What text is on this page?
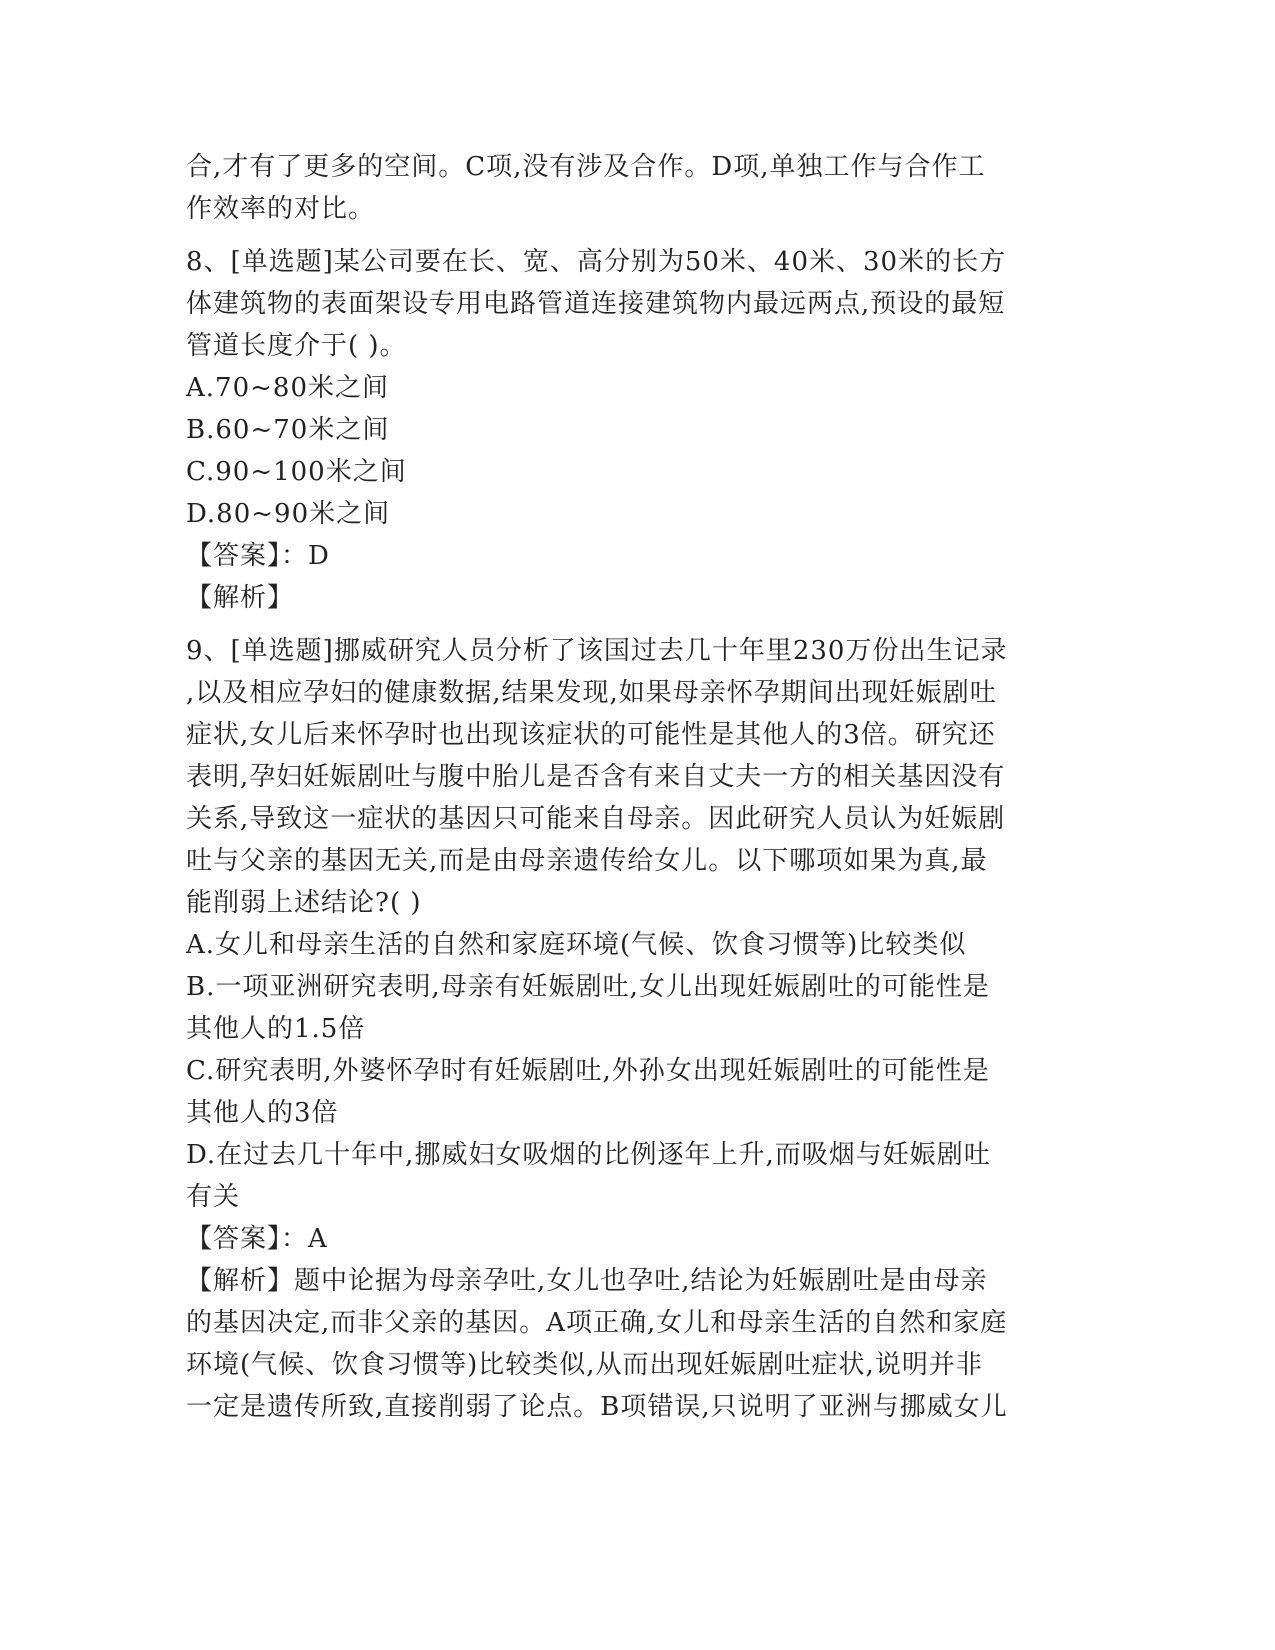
合,才有了更多的空间。C项,没有涉及合作。D项,单独工作与合作工
作效率的对比。
8、[单选题]某公司要在长、宽、高分别为50米、40米、30米的长方
体建筑物的表面架设专用电路管道连接建筑物内最远两点,预设的最短
管道长度介于( )。
A.70~80米之间
B.60~70米之间
C.90~100米之间
D.80~90米之间
【答案】：D
【解析】
9、[单选题]挪威研究人员分析了该国过去几十年里230万份出生记录
,以及相应孕妇的健康数据,结果发现,如果母亲怀孕期间出现妊娠剧吐
症状,女儿后来怀孕时也出现该症状的可能性是其他人的3倍。研究还
表明,孕妇妊娠剧吐与腹中胎儿是否含有来自丈夫一方的相关基因没有
关系,导致这一症状的基因只可能来自母亲。因此研究人员认为妊娠剧
吐与父亲的基因无关,而是由母亲遗传给女儿。以下哪项如果为真,最
能削弱上述结论?( )
A.女儿和母亲生活的自然和家庭环境(气候、饮食习惯等)比较类似
B.一项亚洲研究表明,母亲有妊娠剧吐,女儿出现妊娠剧吐的可能性是
其他人的1.5倍
C.研究表明,外婆怀孕时有妊娠剧吐,外孙女出现妊娠剧吐的可能性是
其他人的3倍
D.在过去几十年中,挪威妇女吸烟的比例逐年上升,而吸烟与妊娠剧吐
有关
【答案】：A
【解析】题中论据为母亲孕吐,女儿也孕吐,结论为妊娠剧吐是由母亲
的基因决定,而非父亲的基因。A项正确,女儿和母亲生活的自然和家庭
环境(气候、饮食习惯等)比较类似,从而出现妊娠剧吐症状,说明并非
一定是遗传所致,直接削弱了论点。B项错误,只说明了亚洲与挪威女儿
